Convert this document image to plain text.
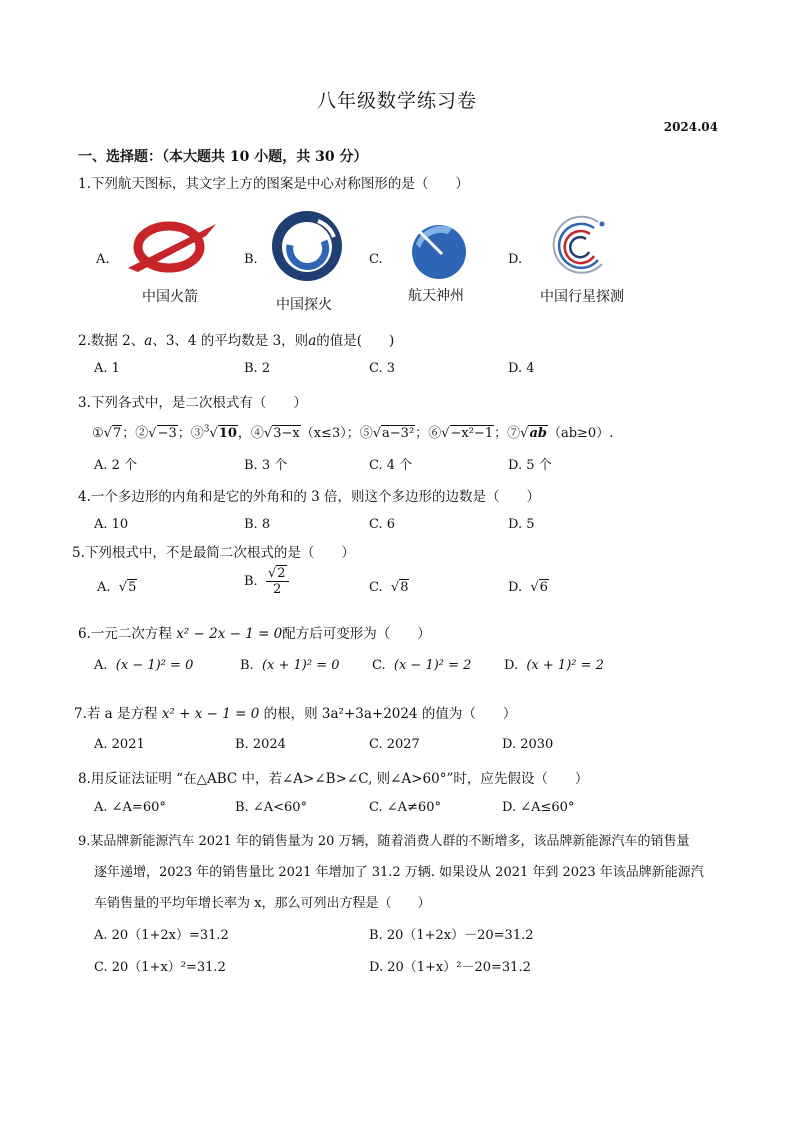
八年级数学练习卷
2024.04
一、选择题：（本大题共 10 小题，共 30 分）
1.下列航天图标，其文字上方的图案是中心对称图形的是（　　）
A.
中国火箭
B.
中国探火
C.
航天神州
D.
中国行星探测
2.数据 2、a、3、4 的平均数是 3，则a的值是(　　)
A. 1	B. 2	C. 3	D. 4
3.下列各式中，是二次根式有（　　）
①√7；②√−3；③$^3$√10，④√3−x（x≤3）；⑤√a−3²；⑥√−x²−1；⑦√ab（ab≥0）.
A. 2 个	B. 3 个	C. 4 个	D. 5 个
4.一个多边形的内角和是它的外角和的 3 倍，则这个多边形的边数是（　　）
A. 10	B. 8	C. 6	D. 5
5.下列根式中，不是最简二次根式的是（　　）
A.  √5	B. $\frac{√2}{2}$	C.  √8	D.  √6
6.一元二次方程 x² − 2x − 1 = 0配方后可变形为（　　）
A. (x − 1)² = 0	B. (x + 1)² = 0	C. (x − 1)² = 2	D. (x + 1)² = 2
7.若 a 是方程 x² + x − 1 = 0 的根，则 3a²+3a+2024 的值为（　　）
A. 2021	B. 2024	C. 2027	D. 2030
8.用反证法证明 “在△ABC 中，若∠A>∠B>∠C, 则∠A>60°”时，应先假设（　　）
A. ∠A=60°	B. ∠A<60°	C. ∠A≠60°	D. ∠A≤60°
9.某品牌新能源汽车 2021 年的销售量为 20 万辆，随着消费人群的不断增多，该品牌新能源汽车的销售量
逐年递增，2023 年的销售量比 2021 年增加了 31.2 万辆. 如果设从 2021 年到 2023 年该品牌新能源汽
车销售量的平均年增长率为 x，那么可列出方程是（　　）
A. 20（1+2x）=31.2	B. 20（1+2x）－20=31.2
C. 20（1+x）²=31.2	D. 20（1+x）²－20=31.2
